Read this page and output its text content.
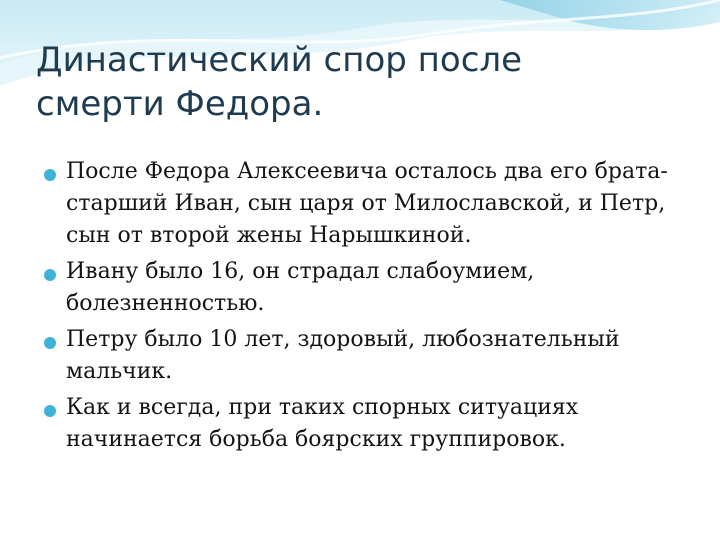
Династический спор после
смерти Федора.
После Федора Алексеевича осталось два его брата-
старший Иван, сын царя от Милославской, и Петр,
сын от второй жены Нарышкиной.
Ивану было 16, он страдал слабоумием,
болезненностью.
Петру было 10 лет, здоровый, любознательный
мальчик.
Как и всегда, при таких спорных ситуациях
начинается борьба боярских группировок.
